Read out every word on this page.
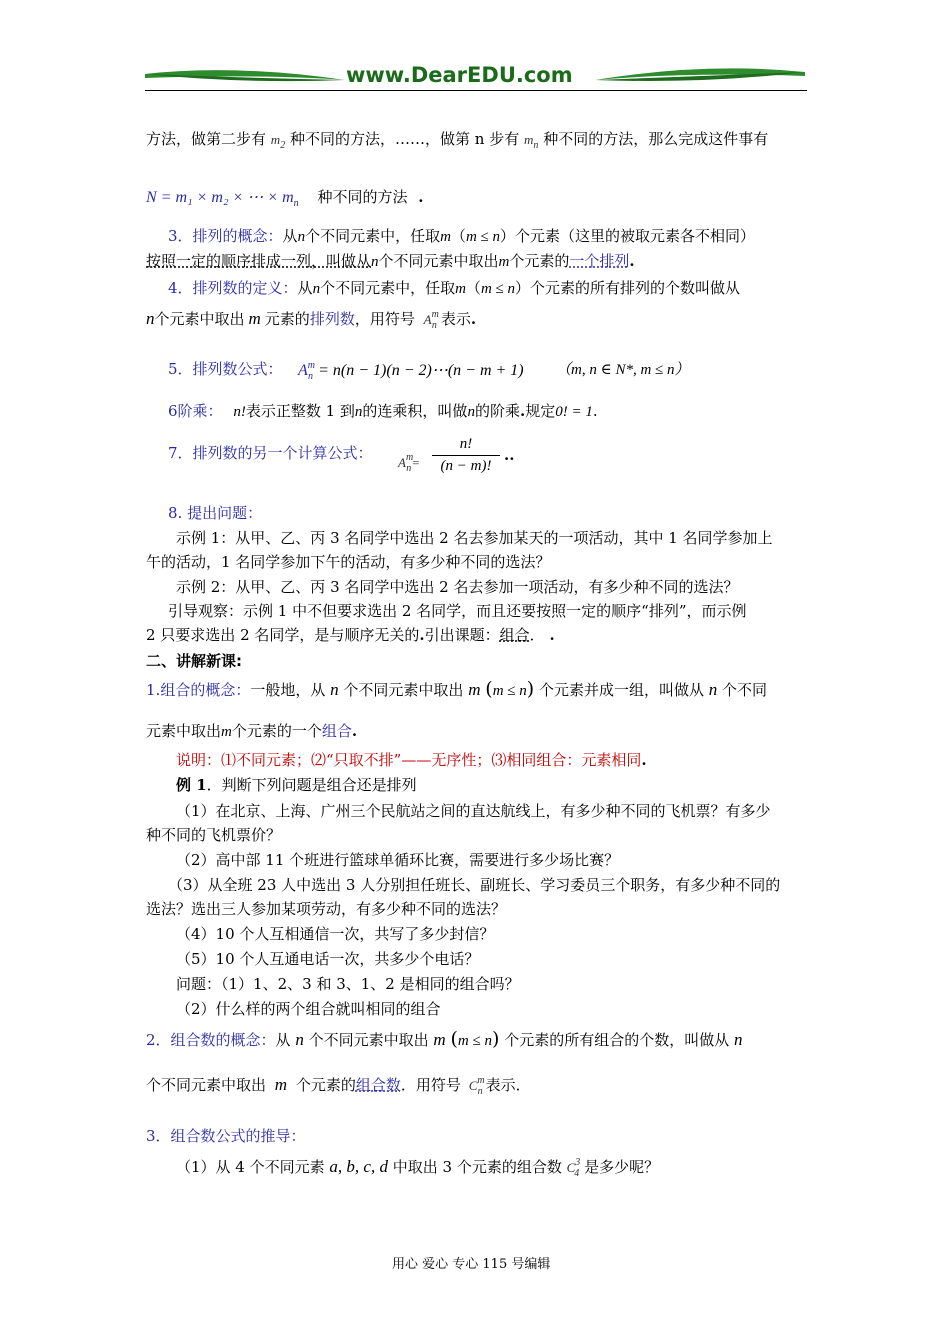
www.DearEDU.com
方法，做第二步有 $m_2$ 种不同的方法，……，做第 n 步有 $m_n$ 种不同的方法，那么完成这件事有
N = m₁ × m₂ × ⋯ × $m_n$ 种不同的方法 .
3．排列的概念：从n个不同元素中，任取m（m ≤ n）个元素（这里的被取元素各不相同）
按照一定的顺序排成一列，叫做从n个不同元素中取出m个元素的一个排列.
4．排列数的定义：从n个不同元素中，任取m（m ≤ n）个元素的所有排列的个数叫做从
n个元素中取出 m 元素的排列数，用符号 $A^m_n$ 表示.
5．排列数公式： $A^m_n = n(n - 1)(n$ − 2)⋯(n − m + 1) （m, n ∈ N*, m ≤ n）
6阶乘： n!表示正整数 1 到n的连乘积，叫做n的阶乘.规定0! = 1.
7．排列数的另一个计算公式：
$A^m_n=$
n!
(n − m)!
..
8. 提出问题：
示例 1：从甲、乙、丙 3 名同学中选出 2 名去参加某天的一项活动，其中 1 名同学参加上
午的活动，1 名同学参加下午的活动，有多少种不同的选法？
示例 2：从甲、乙、丙 3 名同学中选出 2 名去参加一项活动，有多少种不同的选法？
引导观察：示例 1 中不但要求选出 2 名同学，而且还要按照一定的顺序“排列”，而示例
2 只要求选出 2 名同学，是与顺序无关的.引出课题：组合． .
二、讲解新课:
1.组合的概念：一般地，从 n 个不同元素中取出 m (m ≤ n) 个元素并成一组，叫做从 n 个不同
元素中取出m个元素的一个组合.
说明：⑴不同元素；⑵“只取不排”——无序性；⑶相同组合：元素相同.
例 1．判断下列问题是组合还是排列
（1）在北京、上海、广州三个民航站之间的直达航线上，有多少种不同的飞机票？有多少
种不同的飞机票价？
（2）高中部 11 个班进行篮球单循环比赛，需要进行多少场比赛？
（3）从全班 23 人中选出 3 人分别担任班长、副班长、学习委员三个职务，有多少种不同的
选法？选出三人参加某项劳动，有多少种不同的选法？
（4）10 个人互相通信一次，共写了多少封信？
（5）10 个人互通电话一次，共多少个电话？
问题：（1）1、2、3 和 3、1、2 是相同的组合吗？
（2）什么样的两个组合就叫相同的组合
2．组合数的概念：从 n 个不同元素中取出 m (m ≤ n) 个元素的所有组合的个数，叫做从 n
个不同元素中取出 m 个元素的组合数．用符号 $C^m_n$ 表示．
3．组合数公式的推导：
（1）从 4 个不同元素 a, b, c, d 中取出 3 个元素的组合数 $C^3_4$ 是多少呢？
用心 爱心 专心 115 号编辑
